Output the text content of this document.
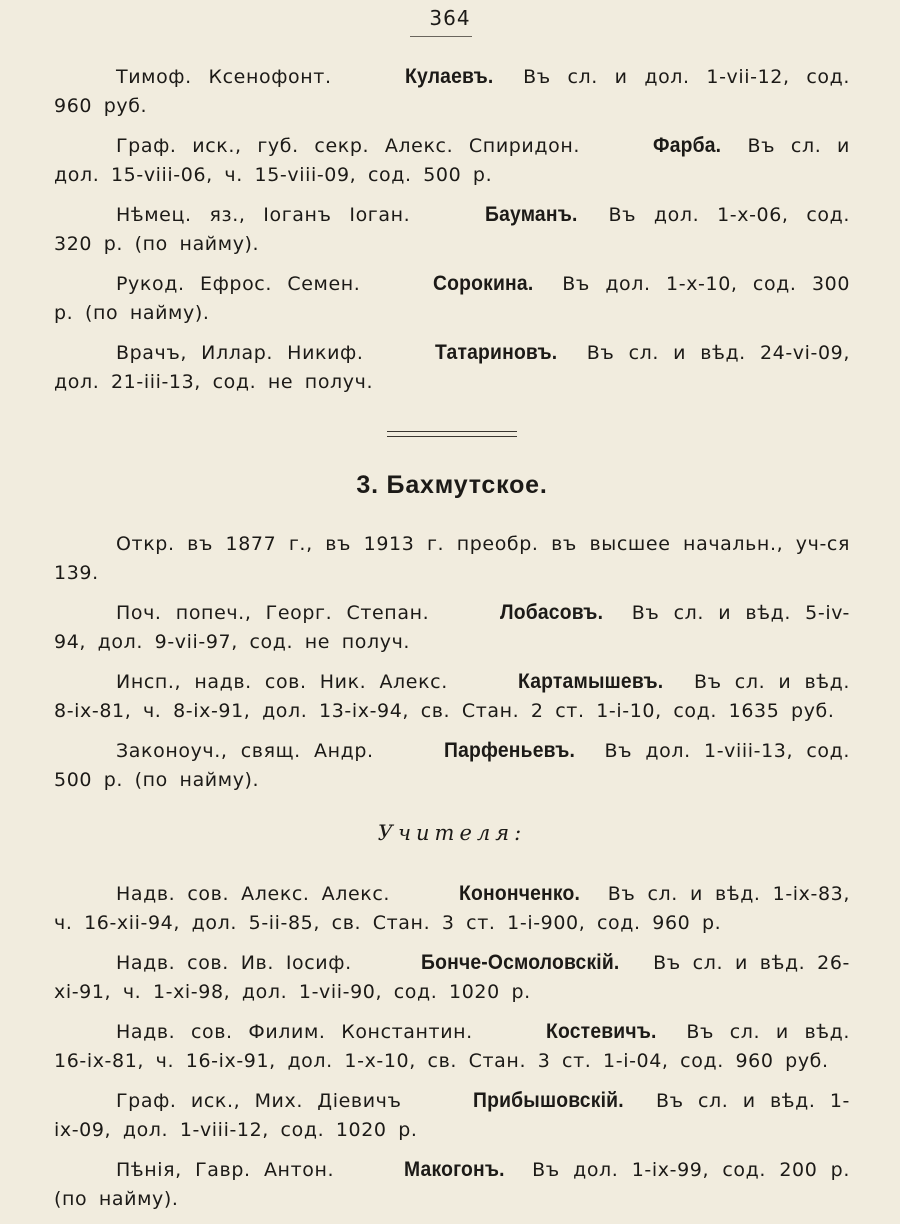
364

Тимоф. Ксенофонт.	Кулаевъ. Въ сл. и дол. 1-vii-12, сод. 960 руб.

Граф. иск., губ. секр. Алекс. Спиридон.	Фарба. Въ сл. и дол. 15-viii-06, ч. 15-viii-09, сод. 500 р.

Нѣмец. яз., Iоганъ Iоган.	Бауманъ. Въ дол. 1-x-06, сод. 320 р. (по найму).

Рукод. Ефрос. Семен.	Сорокина. Въ дол. 1-x-10, сод. 300 р. (по найму).

Врачъ, Иллар. Никиф.	Татариновъ. Въ сл. и вѣд. 24-vi-09, дол. 21-iii-13, сод. не получ.

3. Бахмутское.

Откр. въ 1877 г., въ 1913 г. преобр. въ высшее начальн., уч-ся 139.

Поч. попеч., Георг. Степан.	Лобасовъ. Въ сл. и вѣд. 5-iv-94, дол. 9-vii-97, сод. не получ.

Инсп., надв. сов. Ник. Алекс.	Картамышевъ. Въ сл. и вѣд. 8-ix-81, ч. 8-ix-91, дол. 13-ix-94, св. Стан. 2 ст. 1-i-10, сод. 1635 руб.

Законоуч., свящ. Андр.	Парфеньевъ. Въ дол. 1-viii-13, сод. 500 р. (по найму).

Учителя:

Надв. сов. Алекс. Алекс.	Кононченко. Въ сл. и вѣд. 1-ix-83, ч. 16-xii-94, дол. 5-ii-85, св. Стан. 3 ст. 1-i-900, сод. 960 р.

Надв. сов. Ив. Iосиф.	Бонче-Осмоловскiй. Въ сл. и вѣд. 26-xi-91, ч. 1-xi-98, дол. 1-vii-90, сод. 1020 р.

Надв. сов. Филим. Константин.	Костевичъ. Въ сл. и вѣд. 16-ix-81, ч. 16-ix-91, дол. 1-x-10, св. Стан. 3 ст. 1-i-04, сод. 960 руб.

Граф. иск., Мих. Дiевичъ	Прибышовскiй. Въ сл. и вѣд. 1-ix-09, дол. 1-viii-12, сод. 1020 р.

Пѣнiя, Гавр. Антон.	Макогонъ. Въ дол. 1-ix-99, сод. 200 р. (по найму).
